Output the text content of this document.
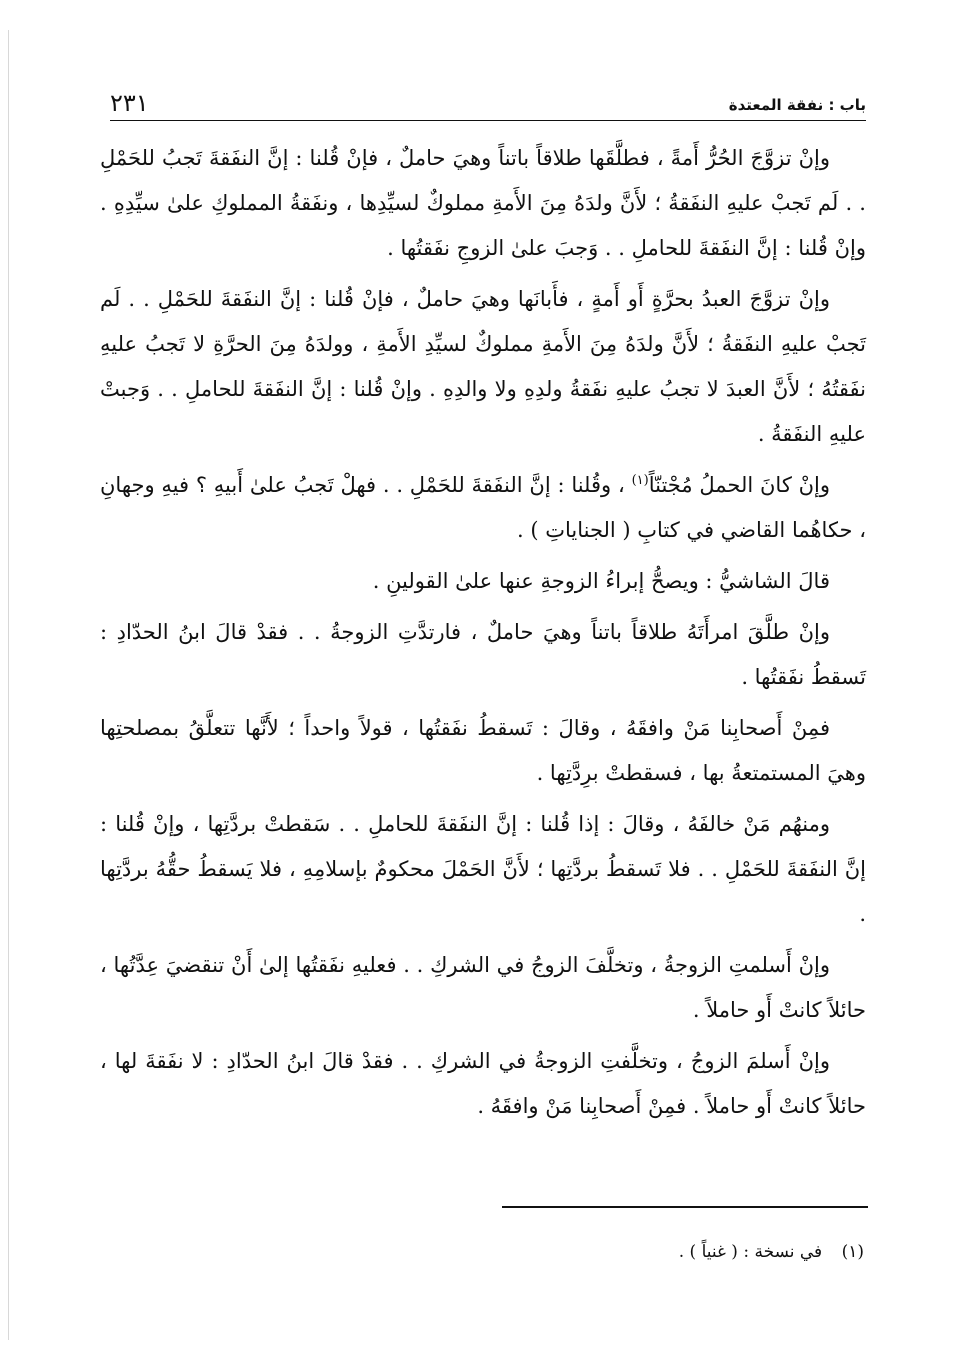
باب : نفقة المعتدة
٢٣١

وإنْ تزوَّجَ الحُرُّ أَمةً ، فطلَّقَها طلاقاً باتناً وهيَ حاملٌ ، فإنْ قُلنا : إنَّ النفَقةَ تَجبُ للحَمْلِ . . لَم تَجبْ عليهِ النفَقةُ ؛ لأَنَّ ولدَهُ مِنَ الأَمةِ مملوكٌ لسيِّدِها ، ونفَقةُ المملوكِ علىٰ سيِّدِهِ . وإنْ قُلنا : إنَّ النفَقةَ للحاملِ . . وَجبَ علىٰ الزوجِ نفَقتُها .

وإنْ تزوَّجَ العبدُ بحرَّةٍ أَو أَمةٍ ، فأَبانَها وهيَ حاملٌ ، فإنْ قُلنا : إنَّ النفَقةَ للحَمْلِ . . لَم تَجبْ عليهِ النفَقةُ ؛ لأَنَّ ولدَهُ مِنَ الأَمةِ مملوكٌ لسيِّدِ الأَمةِ ، وولدَهُ مِنَ الحرَّةِ لا تَجبُ عليهِ نفَقتُهُ ؛ لأَنَّ العبدَ لا تجبُ عليهِ نفَقةُ ولدِهِ ولا والدِهِ . وإنْ قُلنا : إنَّ النفَقةَ للحاملِ . . وَجبتْ عليهِ النفَقةُ .

وإنْ كانَ الحملُ مُجْتنّاً$^{(١)}$ ، وقُلنا : إنَّ النفَقةَ للحَمْلِ . . فهلْ تَجبُ علىٰ أَبيهِ ؟ فيهِ وجهانِ ، حكاهُما القاضي في كتابِ ( الجناياتِ ) .

قالَ الشاشيُّ : ويصحُّ إبراءُ الزوجةِ عنها علىٰ القولينِ .

وإنْ طلَّقَ امرأَتَهُ طلاقاً باتناً وهيَ حاملٌ ، فارتدَّتِ الزوجةُ . . فقدْ قالَ ابنُ الحدّادِ : تَسقطُ نفَقتُها .

فمِنْ أَصحابِنا مَنْ وافقَهُ ، وقالَ : تَسقطُ نفَقتُها ، قولاً واحداً ؛ لأَنَّها تتعلَّقُ بمصلحتِها وهيَ المستمتعةُ بها ، فسقطتْ برِدَّتِها .

ومنهُم مَنْ خالفَهُ ، وقالَ : إذا قُلنا : إنَّ النفَقةَ للحاملِ . . سَقطتْ بردَّتِها ، وإنْ قُلنا : إنَّ النفَقةَ للحَمْلِ . . فلا تَسقطُ بردَّتِها ؛ لأَنَّ الحَمْلَ محكومٌ بإسلامِهِ ، فلا يَسقطُ حقُّهُ بردَّتِها .

وإنْ أَسلمتِ الزوجةُ ، وتخلَّفَ الزوجُ في الشركِ . . فعليهِ نفَقتُها إلىٰ أَنْ تنقضيَ عِدَّتُها ، حائلاً كانتْ أَو حاملاً .

وإنْ أَسلمَ الزوجُ ، وتخلَّفتِ الزوجةُ في الشركِ . . فقدْ قالَ ابنُ الحدّادِ : لا نفَقةَ لها ، حائلاً كانتْ أَو حاملاً . فمِنْ أَصحابِنا مَنْ وافقَهُ .

(١) في نسخة : ( غنياً ) .
